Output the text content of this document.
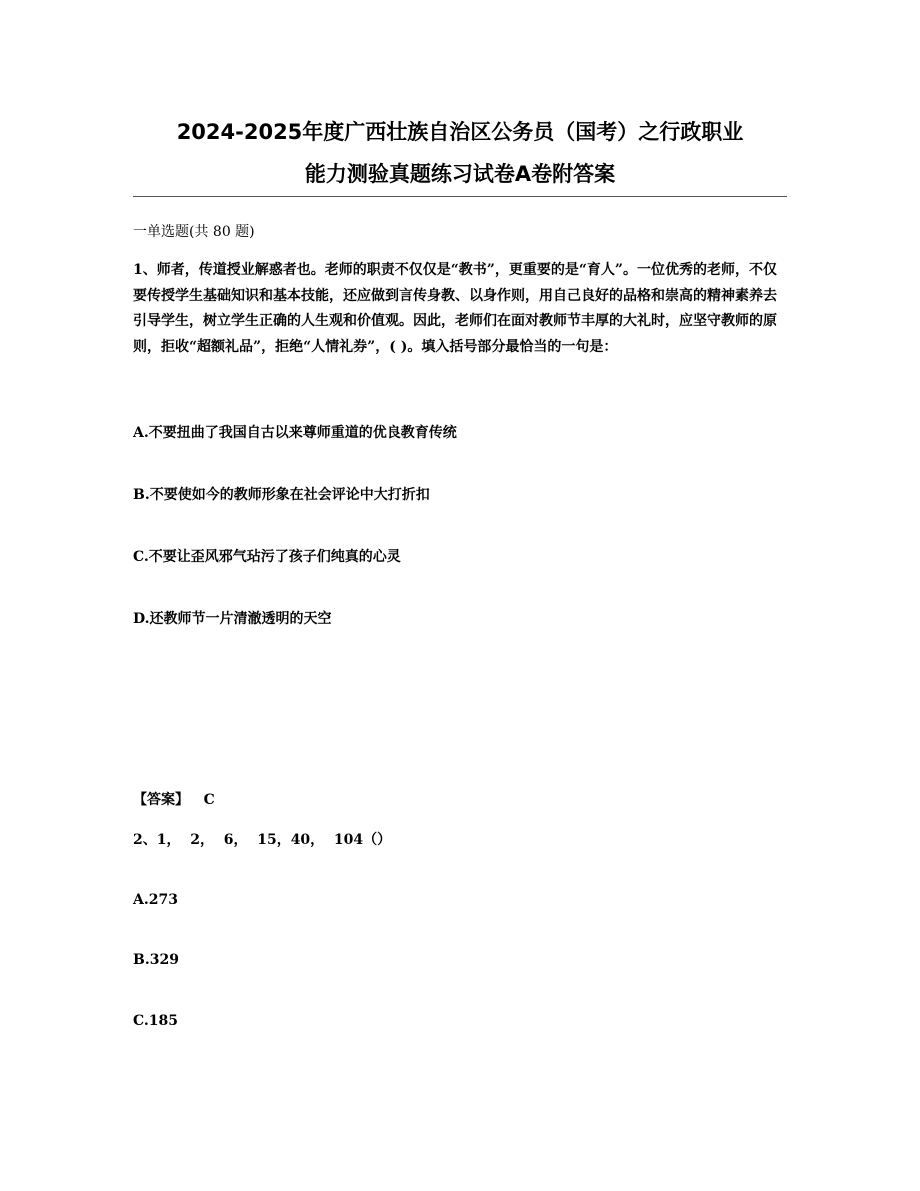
2024-2025年度广西壮族自治区公务员（国考）之行政职业
能力测验真题练习试卷A卷附答案
一单选题(共 80 题)
1、师者，传道授业解惑者也。老师的职责不仅仅是“教书”，更重要的是“育人”。一位优秀的老师，不仅要传授学生基础知识和基本技能，还应做到言传身教、以身作则，用自己良好的品格和崇高的精神素养去引导学生，树立学生正确的人生观和价值观。因此，老师们在面对教师节丰厚的大礼时，应坚守教师的原则，拒收“超额礼品”，拒绝“人情礼券”，( )。填入括号部分最恰当的一句是：
A.不要扭曲了我国自古以来尊师重道的优良教育传统
B.不要使如今的教师形象在社会评论中大打折扣
C.不要让歪风邪气玷污了孩子们纯真的心灵
D.还教师节一片清澈透明的天空
【答案】 C
2、1，  2，  6，  15，40，  104（）
A.273
B.329
C.185
